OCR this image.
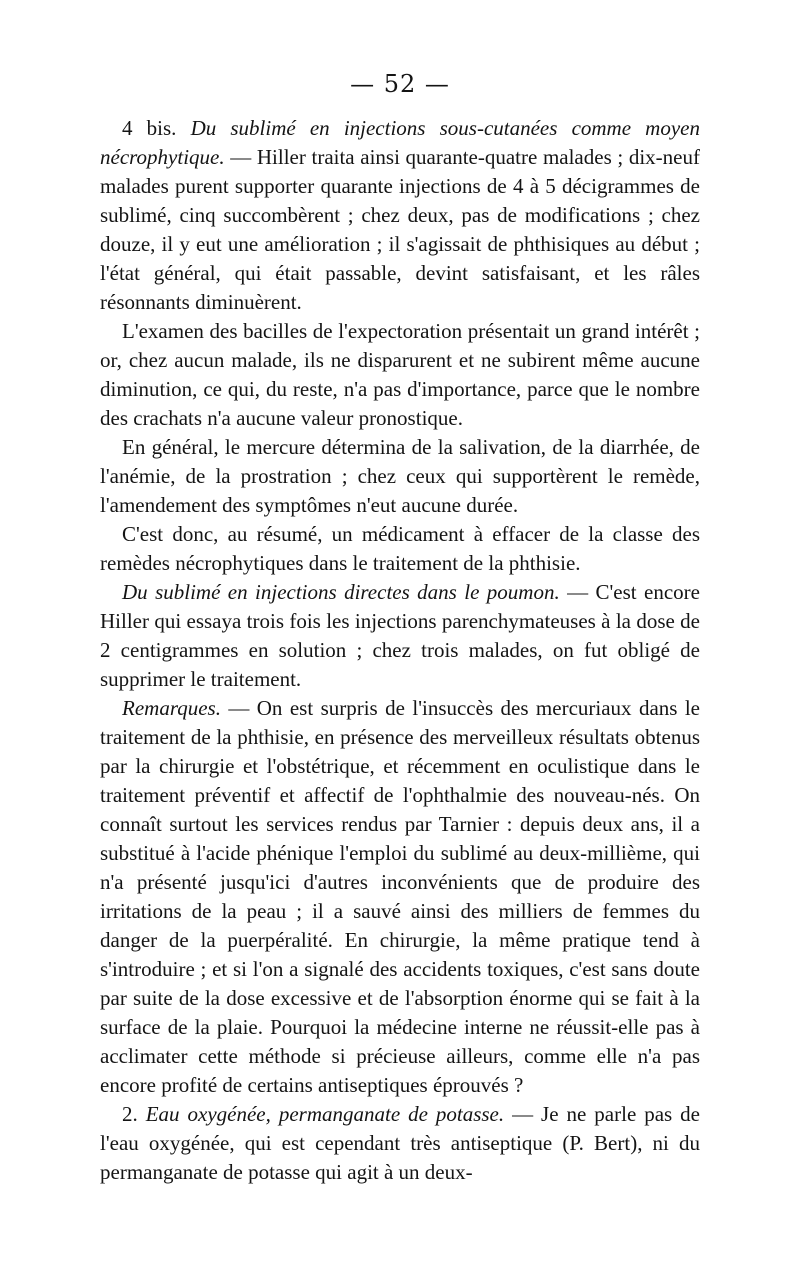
— 52 —

4 bis. Du sublimé en injections sous-cutanées comme moyen nécrophytique. — Hiller traita ainsi quarante-quatre malades ; dix-neuf malades purent supporter quarante injections de 4 à 5 décigrammes de sublimé, cinq succombèrent ; chez deux, pas de modifications ; chez douze, il y eut une amélioration ; il s'agissait de phthisiques au début ; l'état général, qui était passable, devint satisfaisant, et les râles résonnants diminuèrent.

L'examen des bacilles de l'expectoration présentait un grand intérêt ; or, chez aucun malade, ils ne disparurent et ne subirent même aucune diminution, ce qui, du reste, n'a pas d'importance, parce que le nombre des crachats n'a aucune valeur pronostique.

En général, le mercure détermina de la salivation, de la diarrhée, de l'anémie, de la prostration ; chez ceux qui supportèrent le remède, l'amendement des symptômes n'eut aucune durée.

C'est donc, au résumé, un médicament à effacer de la classe des remèdes nécrophytiques dans le traitement de la phthisie.

Du sublimé en injections directes dans le poumon. — C'est encore Hiller qui essaya trois fois les injections parenchymateuses à la dose de 2 centigrammes en solution ; chez trois malades, on fut obligé de supprimer le traitement.

Remarques. — On est surpris de l'insuccès des mercuriaux dans le traitement de la phthisie, en présence des merveilleux résultats obtenus par la chirurgie et l'obstétrique, et récemment en oculistique dans le traitement préventif et affectif de l'ophthalmie des nouveau-nés. On connaît surtout les services rendus par Tarnier : depuis deux ans, il a substitué à l'acide phénique l'emploi du sublimé au deux-millième, qui n'a présenté jusqu'ici d'autres inconvénients que de produire des irritations de la peau ; il a sauvé ainsi des milliers de femmes du danger de la puerpéralité. En chirurgie, la même pratique tend à s'introduire ; et si l'on a signalé des accidents toxiques, c'est sans doute par suite de la dose excessive et de l'absorption énorme qui se fait à la surface de la plaie. Pourquoi la médecine interne ne réussit-elle pas à acclimater cette méthode si précieuse ailleurs, comme elle n'a pas encore profité de certains antiseptiques éprouvés ?

2. Eau oxygénée, permanganate de potasse. — Je ne parle pas de l'eau oxygénée, qui est cependant très antiseptique (P. Bert), ni du permanganate de potasse qui agit à un deux-
